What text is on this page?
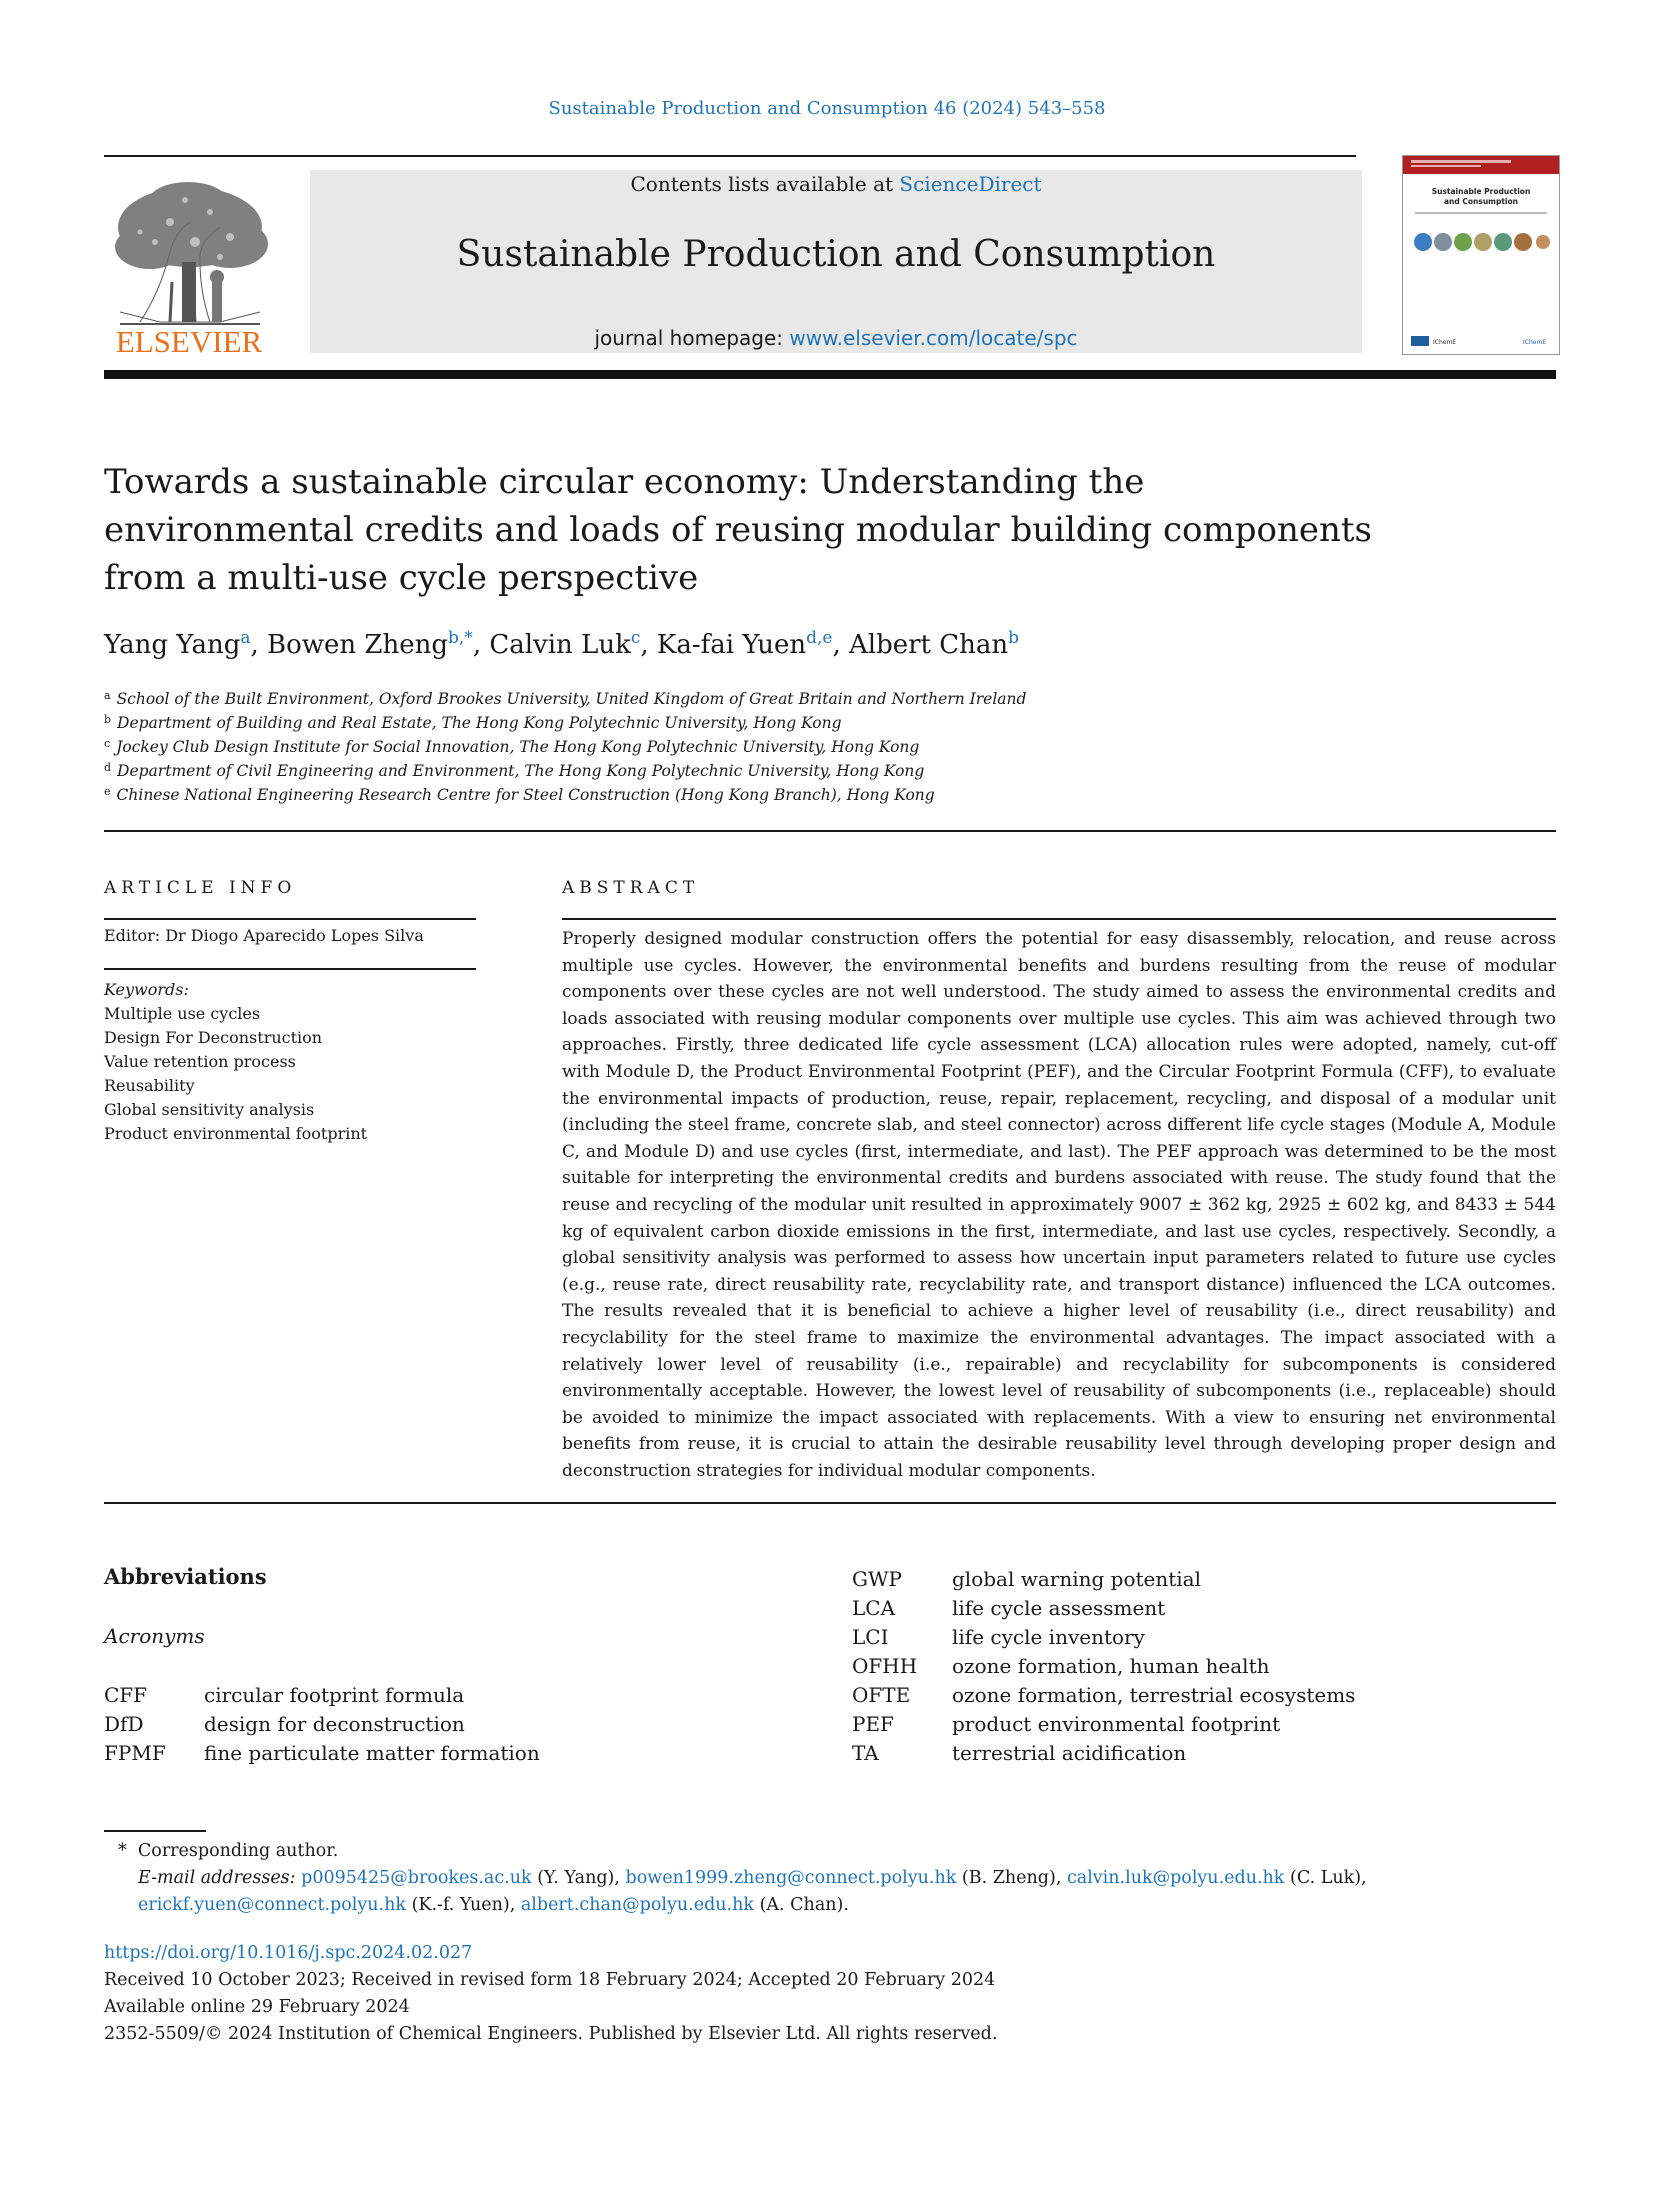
Sustainable Production and Consumption 46 (2024) 543–558
ELSEVIER
Contents lists available at ScienceDirect
Sustainable Production and Consumption
journal homepage: www.elsevier.com/locate/spc
Sustainable Production
and Consumption
IChemE	IChemE
Towards a sustainable circular economy: Understanding the environmental credits and loads of reusing modular building components from a multi-use cycle perspective
Yang Yang$^a$, Bowen Zheng$^{b,*}$, Calvin Luk$^c$, Ka-fai Yuen$^{d,e}$, Albert Chan$^b$
$^a$ School of the Built Environment, Oxford Brookes University, United Kingdom of Great Britain and Northern Ireland
$^b$ Department of Building and Real Estate, The Hong Kong Polytechnic University, Hong Kong
$^c$ Jockey Club Design Institute for Social Innovation, The Hong Kong Polytechnic University, Hong Kong
$^d$ Department of Civil Engineering and Environment, The Hong Kong Polytechnic University, Hong Kong
$^e$ Chinese National Engineering Research Centre for Steel Construction (Hong Kong Branch), Hong Kong
ARTICLE INFO	ABSTRACT
Editor: Dr Diogo Aparecido Lopes Silva
Keywords:
Multiple use cycles
Design For Deconstruction
Value retention process
Reusability
Global sensitivity analysis
Product environmental footprint
Properly designed modular construction offers the potential for easy disassembly, relocation, and reuse across multiple use cycles. However, the environmental benefits and burdens resulting from the reuse of modular components over these cycles are not well understood. The study aimed to assess the environmental credits and loads associated with reusing modular components over multiple use cycles. This aim was achieved through two approaches. Firstly, three dedicated life cycle assessment (LCA) allocation rules were adopted, namely, cut-off with Module D, the Product Environmental Footprint (PEF), and the Circular Footprint Formula (CFF), to evaluate the environmental impacts of production, reuse, repair, replacement, recycling, and disposal of a modular unit (including the steel frame, concrete slab, and steel connector) across different life cycle stages (Module A, Module C, and Module D) and use cycles (first, intermediate, and last). The PEF approach was determined to be the most suitable for interpreting the environmental credits and burdens associated with reuse. The study found that the reuse and recycling of the modular unit resulted in approximately 9007 ± 362 kg, 2925 ± 602 kg, and 8433 ± 544 kg of equivalent carbon dioxide emissions in the first, intermediate, and last use cycles, respectively. Secondly, a global sensitivity analysis was performed to assess how uncertain input parameters related to future use cycles (e.g., reuse rate, direct reusability rate, recyclability rate, and transport distance) influenced the LCA outcomes. The results revealed that it is beneficial to achieve a higher level of reusability (i.e., direct reusability) and recyclability for the steel frame to maximize the environmental advantages. The impact associated with a relatively lower level of reusability (i.e., repairable) and recyclability for subcomponents is considered environmentally acceptable. However, the lowest level of reusability of subcomponents (i.e., replaceable) should be avoided to minimize the impact associated with replacements. With a view to ensuring net environmental benefits from reuse, it is crucial to attain the desirable reusability level through developing proper design and deconstruction strategies for individual modular components.
Abbreviations
Acronyms
CFF	circular footprint formula
DfD	design for deconstruction
FPMF	fine particulate matter formation
GWP	global warning potential
LCA	life cycle assessment
LCI	life cycle inventory
OFHH	ozone formation, human health
OFTE	ozone formation, terrestrial ecosystems
PEF	product environmental footprint
TA	terrestrial acidification
*  Corresponding author.
E-mail addresses: p0095425@brookes.ac.uk (Y. Yang), bowen1999.zheng@connect.polyu.hk (B. Zheng), calvin.luk@polyu.edu.hk (C. Luk), erickf.yuen@connect.polyu.hk (K.-f. Yuen), albert.chan@polyu.edu.hk (A. Chan).
https://doi.org/10.1016/j.spc.2024.02.027
Received 10 October 2023; Received in revised form 18 February 2024; Accepted 20 February 2024
Available online 29 February 2024
2352-5509/© 2024 Institution of Chemical Engineers. Published by Elsevier Ltd. All rights reserved.
